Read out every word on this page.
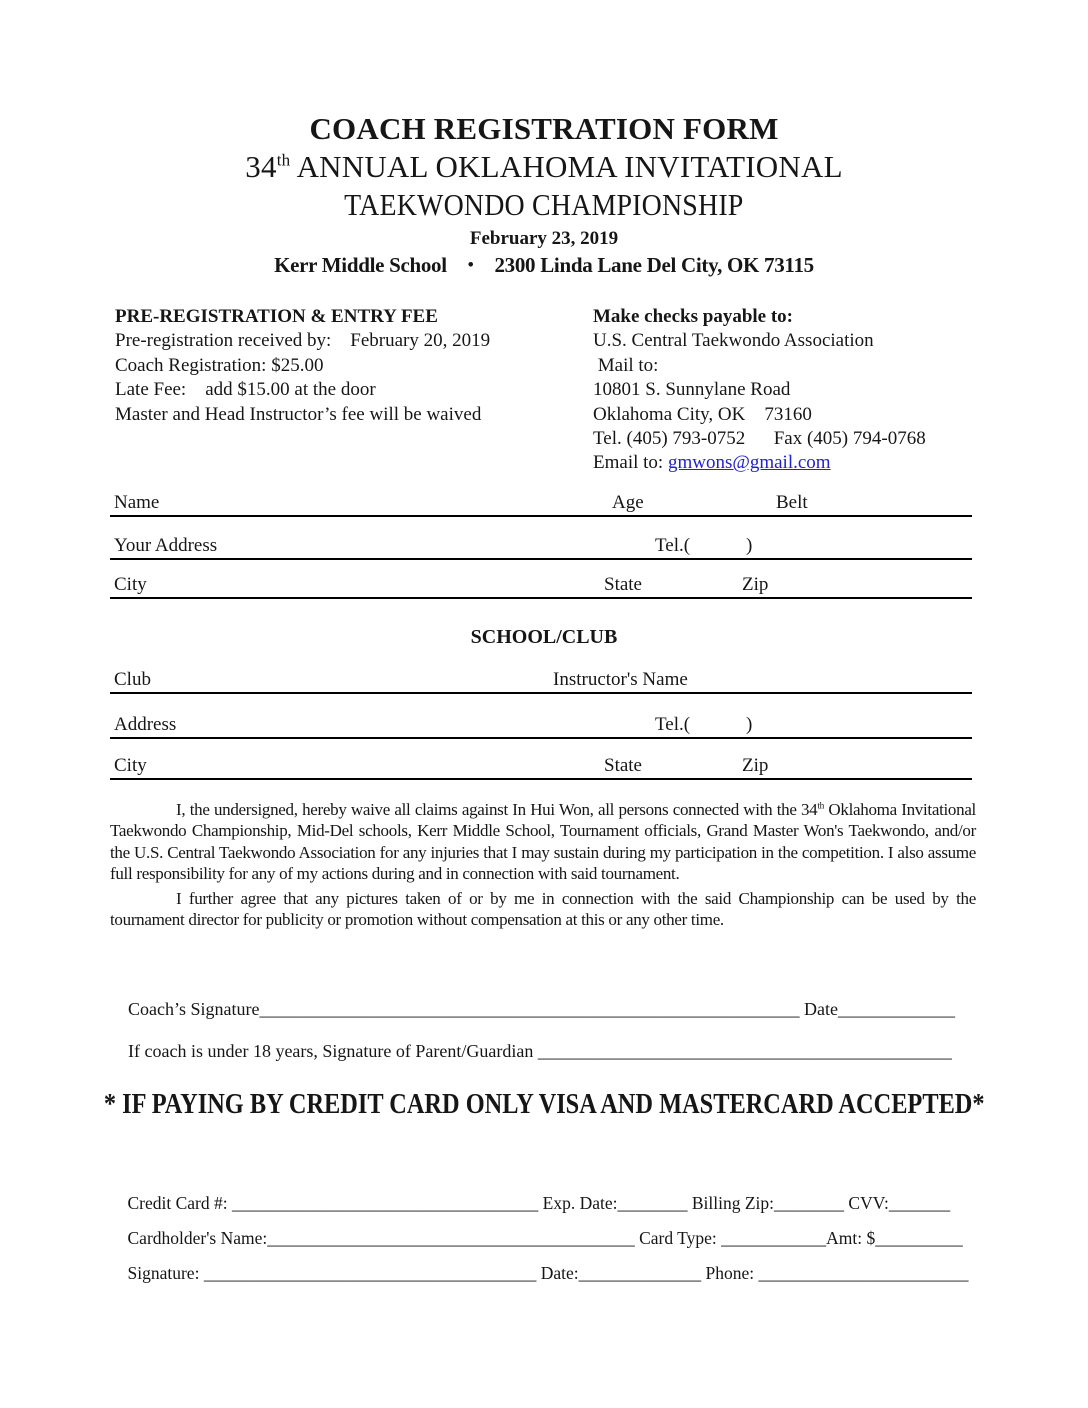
COACH REGISTRATION FORM
34th ANNUAL OKLAHOMA INVITATIONAL
TAEKWONDO CHAMPIONSHIP
February 23, 2019
Kerr Middle School • 2300 Linda Lane Del City, OK 73115
PRE-REGISTRATION & ENTRY FEE
Pre-registration received by:    February 20, 2019
Coach Registration: $25.00
Late Fee:    add $15.00 at the door
Master and Head Instructor’s fee will be waived
Make checks payable to:
U.S. Central Taekwondo Association
Mail to:
10801 S. Sunnylane Road
Oklahoma City, OK    73160
Tel. (405) 793-0752      Fax (405) 794-0768
Email to: gmwons@gmail.com
Name	Age	Belt
Your Address	Tel.(	)
City	State	Zip
SCHOOL/CLUB
Club	Instructor's Name
Address	Tel.(	)
City	State	Zip

I, the undersigned, hereby waive all claims against In Hui Won, all persons connected with the 34th Oklahoma Invitational Taekwondo Championship, Mid-Del schools, Kerr Middle School, Tournament officials, Grand Master Won's Taekwondo, and/or the U.S. Central Taekwondo Association for any injuries that I may sustain during my participation in the competition. I also assume full responsibility for any of my actions during and in connection with said tournament.

I further agree that any pictures taken of or by me in connection with the said Championship can be used by the tournament director for publicity or promotion without compensation at this or any other time.

Coach’s Signature____________________________________________________________ Date_____________

If coach is under 18 years, Signature of Parent/Guardian ______________________________________________

* IF PAYING BY CREDIT CARD ONLY VISA AND MASTERCARD ACCEPTED*

Credit Card #: ___________________________________ Exp. Date:________ Billing Zip:________ CVV:_______

Cardholder's Name:__________________________________________ Card Type: ____________Amt: $__________

Signature: ______________________________________ Date:______________ Phone: ________________________
